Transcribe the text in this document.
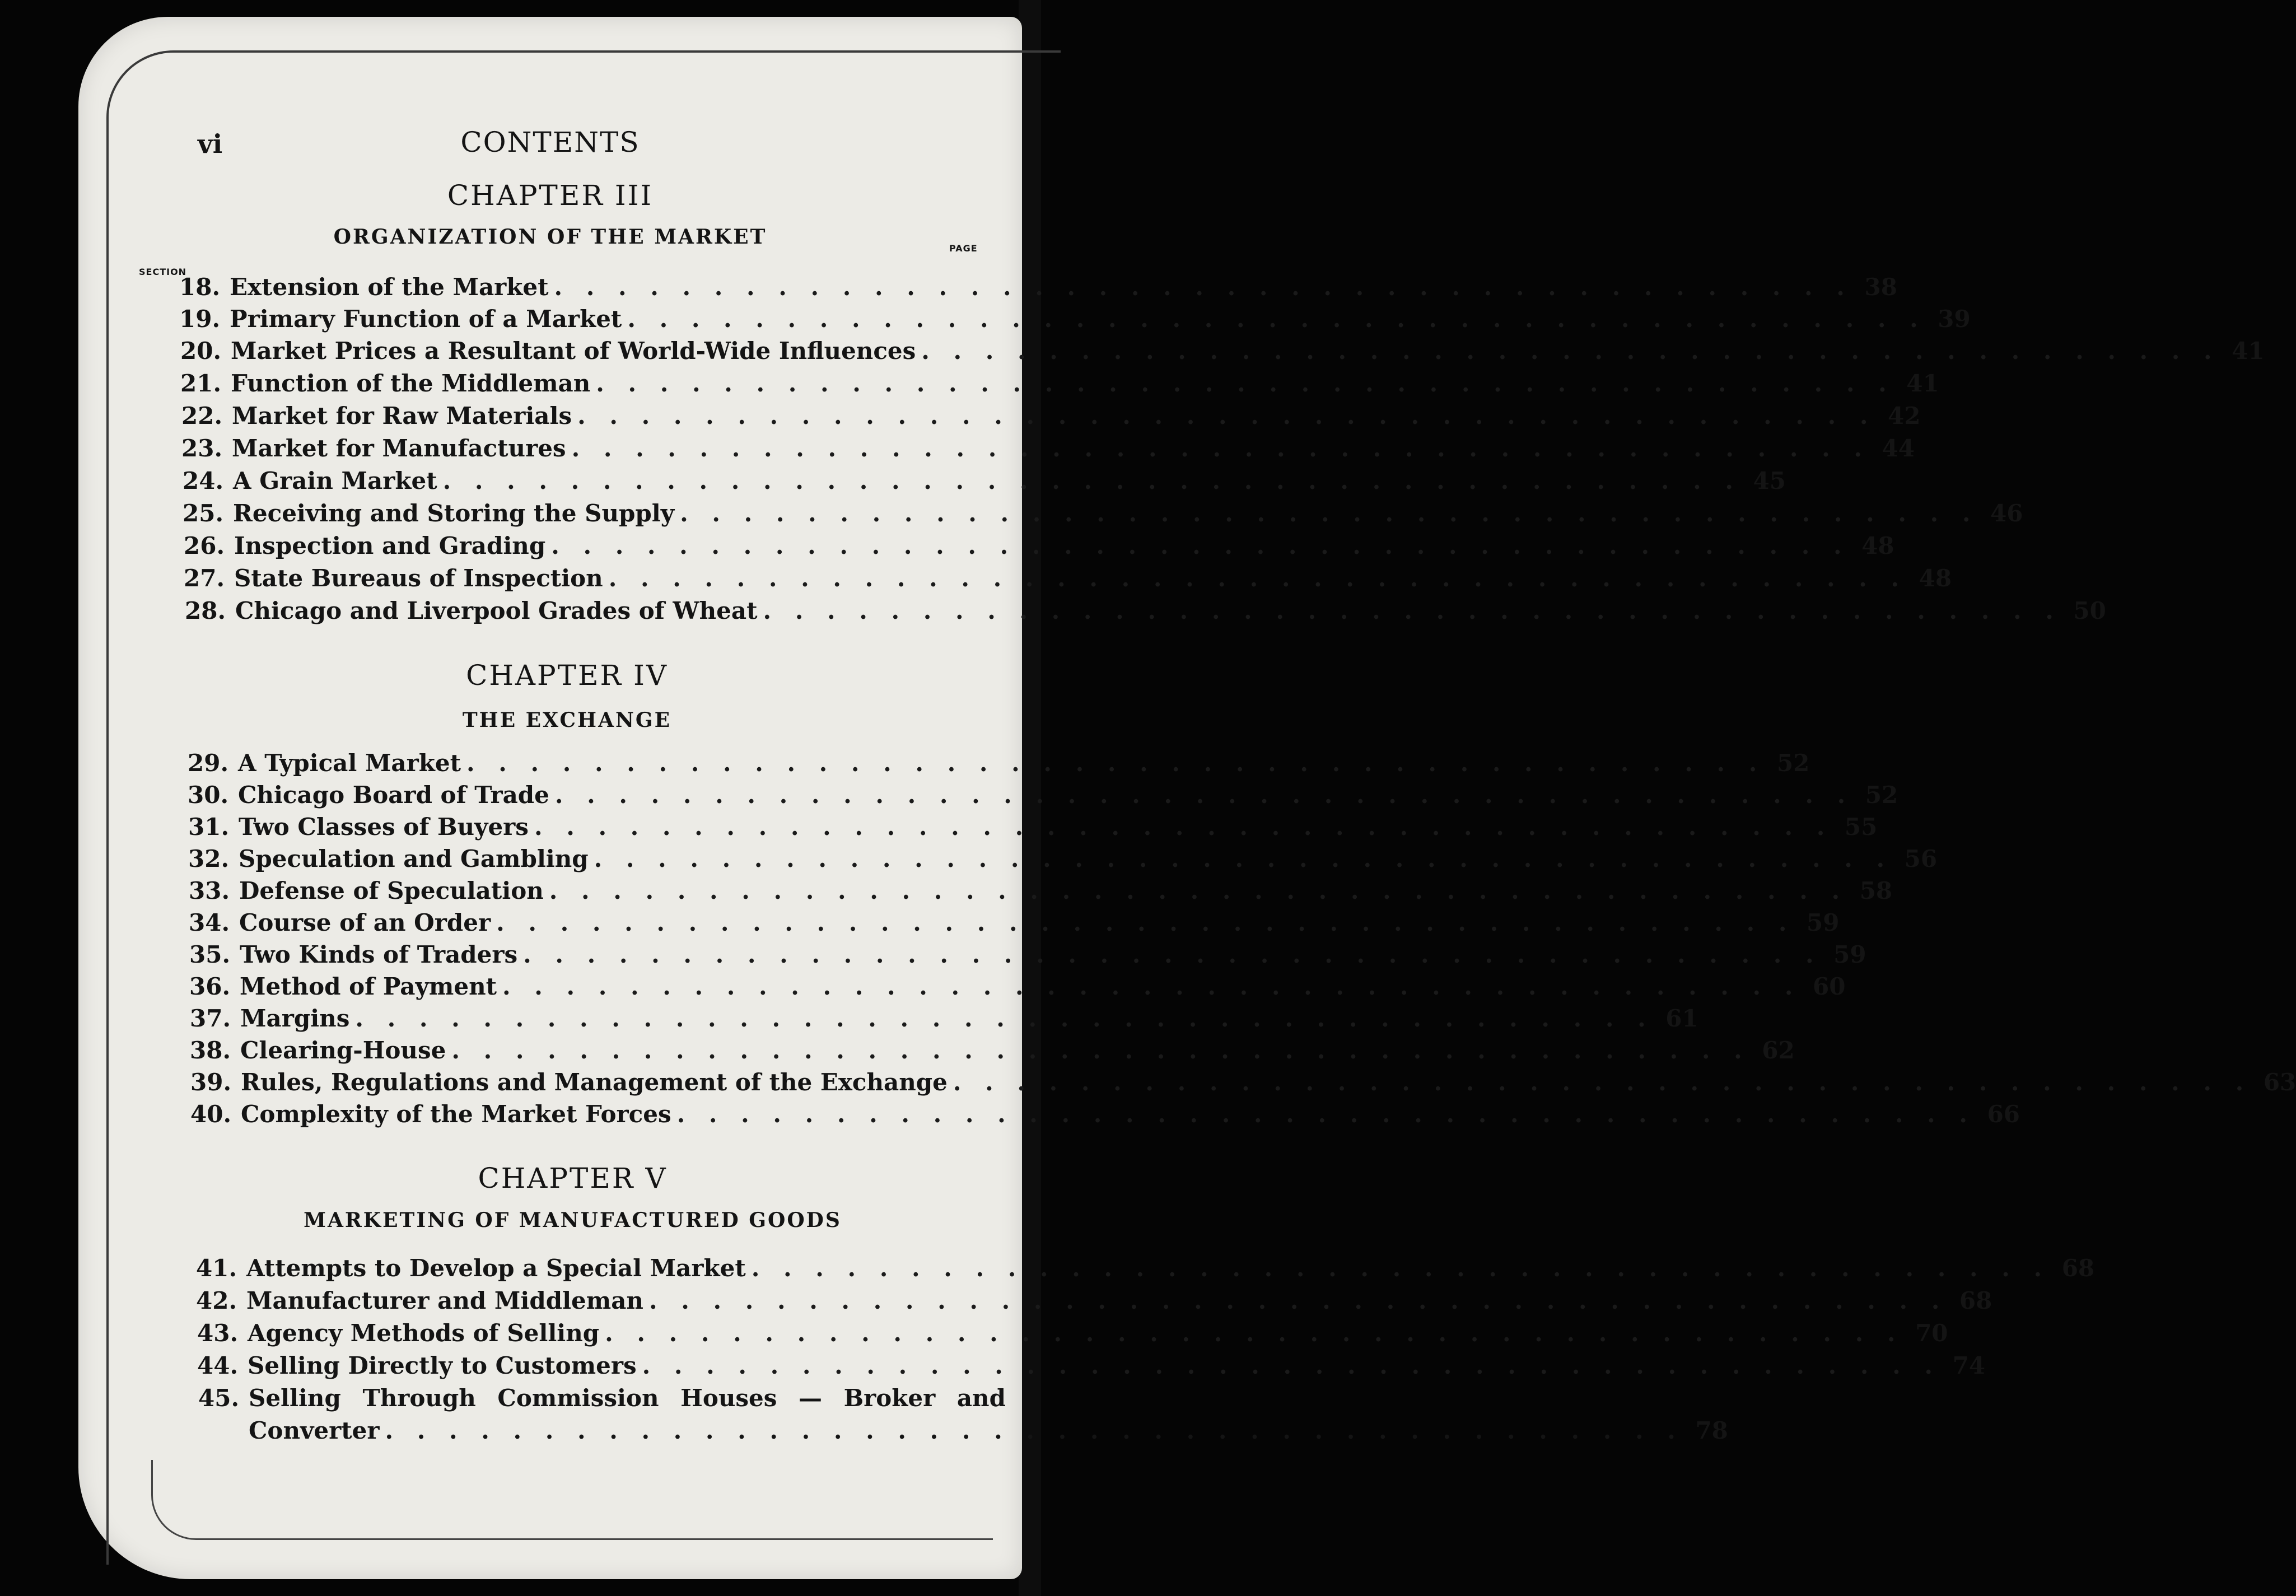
vi	CONTENTS
CHAPTER III
ORGANIZATION OF THE MARKET
SECTION
PAGE
18. Extension of the Market . . . . . . . . . . . . . . . . . . . . . . . . . . . . . . . . . . . . . . . . . 38
19. Primary Function of a Market . . . . . . . . . . . . . . . . . . . . . . . . . . . . . . . . . . . . . . . . . 39
20. Market Prices a Resultant of World-Wide Influences . . . . . . . . . . . . . . . . . . . . . . . . . . . . . . . . . . . . . . . . . 41
21. Function of the Middleman . . . . . . . . . . . . . . . . . . . . . . . . . . . . . . . . . . . . . . . . . 41
22. Market for Raw Materials . . . . . . . . . . . . . . . . . . . . . . . . . . . . . . . . . . . . . . . . . 42
23. Market for Manufactures . . . . . . . . . . . . . . . . . . . . . . . . . . . . . . . . . . . . . . . . . 44
24. A Grain Market . . . . . . . . . . . . . . . . . . . . . . . . . . . . . . . . . . . . . . . . . 45
25. Receiving and Storing the Supply . . . . . . . . . . . . . . . . . . . . . . . . . . . . . . . . . . . . . . . . . 46
26. Inspection and Grading . . . . . . . . . . . . . . . . . . . . . . . . . . . . . . . . . . . . . . . . . 48
27. State Bureaus of Inspection . . . . . . . . . . . . . . . . . . . . . . . . . . . . . . . . . . . . . . . . . 48
28. Chicago and Liverpool Grades of Wheat . . . . . . . . . . . . . . . . . . . . . . . . . . . . . . . . . . . . . . . . . 50
CHAPTER IV
THE EXCHANGE
29. A Typical Market . . . . . . . . . . . . . . . . . . . . . . . . . . . . . . . . . . . . . . . . . 52
30. Chicago Board of Trade . . . . . . . . . . . . . . . . . . . . . . . . . . . . . . . . . . . . . . . . . 52
31. Two Classes of Buyers . . . . . . . . . . . . . . . . . . . . . . . . . . . . . . . . . . . . . . . . . 55
32. Speculation and Gambling . . . . . . . . . . . . . . . . . . . . . . . . . . . . . . . . . . . . . . . . . 56
33. Defense of Speculation . . . . . . . . . . . . . . . . . . . . . . . . . . . . . . . . . . . . . . . . . 58
34. Course of an Order . . . . . . . . . . . . . . . . . . . . . . . . . . . . . . . . . . . . . . . . . 59
35. Two Kinds of Traders . . . . . . . . . . . . . . . . . . . . . . . . . . . . . . . . . . . . . . . . . 59
36. Method of Payment . . . . . . . . . . . . . . . . . . . . . . . . . . . . . . . . . . . . . . . . . 60
37. Margins . . . . . . . . . . . . . . . . . . . . . . . . . . . . . . . . . . . . . . . . . 61
38. Clearing-House . . . . . . . . . . . . . . . . . . . . . . . . . . . . . . . . . . . . . . . . . 62
39. Rules, Regulations and Management of the Exchange . . . . . . . . . . . . . . . . . . . . . . . . . . . . . . . . . . . . . . . . . 63
40. Complexity of the Market Forces . . . . . . . . . . . . . . . . . . . . . . . . . . . . . . . . . . . . . . . . . 66
CHAPTER V
MARKETING OF MANUFACTURED GOODS
41. Attempts to Develop a Special Market . . . . . . . . . . . . . . . . . . . . . . . . . . . . . . . . . . . . . . . . . 68
42. Manufacturer and Middleman . . . . . . . . . . . . . . . . . . . . . . . . . . . . . . . . . . . . . . . . . 68
43. Agency Methods of Selling . . . . . . . . . . . . . . . . . . . . . . . . . . . . . . . . . . . . . . . . . 70
44. Selling Directly to Customers . . . . . . . . . . . . . . . . . . . . . . . . . . . . . . . . . . . . . . . . . 74
45. Selling Through Commission Houses — Broker and
Converter . . . . . . . . . . . . . . . . . . . . . . . . . . . . . . . . . . . . . . . . . 78
